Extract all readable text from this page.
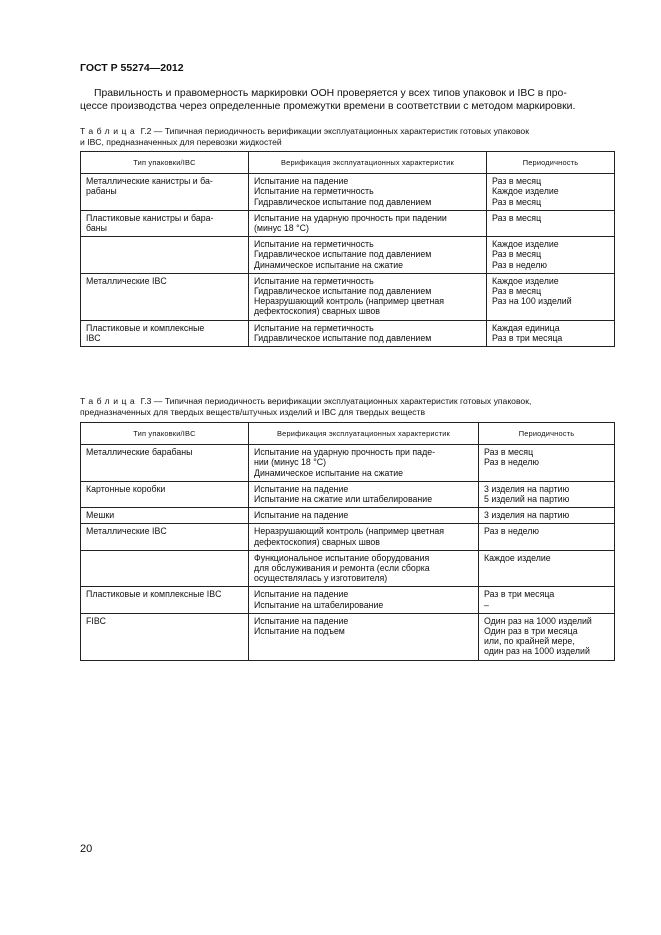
ГОСТ Р 55274—2012
Правильность и правомерность маркировки ООН проверяется у всех типов упаковок и IBC в про-
цессе производства через определенные промежутки времени в соответствии с методом маркировки.
Таблица Г.2 — Типичная периодичность верификации эксплуатационных характеристик готовых упаковок
и IBC, предназначенных для перевозки жидкостей
Тип упаковки/IBC	Верификация эксплуатационных характеристик	Периодичность

Металлические канистры и ба-
рабаны	Испытание на падение
Испытание на герметичность
Гидравлическое испытание под давлением	Раз в месяц
Каждое изделие
Раз в месяц

Пластиковые канистры и бара-
баны	Испытание на ударную прочность при падении
(минус 18 °С)	Раз в месяц

	Испытание на герметичность
Гидравлическое испытание под давлением
Динамическое испытание на сжатие	Каждое изделие
Раз в месяц
Раз в неделю

Металлические IBC	Испытание на герметичность
Гидравлическое испытание под давлением
Неразрушающий контроль (например цветная
дефектоскопия) сварных швов	Каждое изделие
Раз в месяц
Раз на 100 изделий

Пластиковые и комплексные
IBC	Испытание на герметичность
Гидравлическое испытание под давлением	Каждая единица
Раз в три месяца
Таблица Г.3 — Типичная периодичность верификации эксплуатационных характеристик готовых упаковок,
предназначенных для твердых веществ/штучных изделий и IBC для твердых веществ
Тип упаковки/IBC	Верификация эксплуатационных характеристик	Периодичность

Металлические барабаны	Испытание на ударную прочность при паде-
нии (минус 18 °С)
Динамическое испытание на сжатие	Раз в месяц
Раз в неделю

Картонные коробки	Испытание на падение
Испытание на сжатие или штабелирование	3 изделия на партию
5 изделий на партию

Мешки	Испытание на падение	3 изделия на партию

Металлические IBC	Неразрушающий контроль (например цветная
дефектоскопия) сварных швов	Раз в неделю

	Функциональное испытание оборудования
для обслуживания и ремонта (если сборка
осуществлялась у изготовителя)	Каждое изделие

Пластиковые и комплексные IBC	Испытание на падение
Испытание на штабелирование	Раз в три месяца
–

FIBC	Испытание на падение
Испытание на подъем	Один раз на 1000 изделий
Один раз в три месяца
или, по крайней мере,
один раз на 1000 изделий
20
